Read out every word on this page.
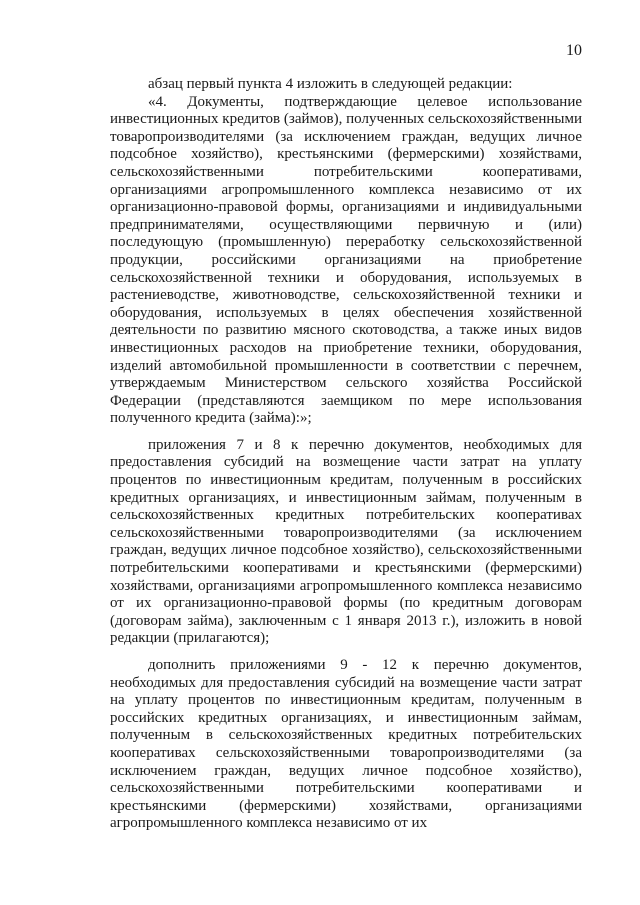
10

абзац первый пункта 4 изложить в следующей редакции:

«4. Документы, подтверждающие целевое использование инвестиционных кредитов (займов), полученных сельскохозяйственными товаропроизводителями (за исключением граждан, ведущих личное подсобное хозяйство), крестьянскими (фермерскими) хозяйствами, сельскохозяйственными потребительскими кооперативами, организациями агропромышленного комплекса независимо от их организационно-правовой формы, организациями и индивидуальными предпринимателями, осуществляющими первичную и (или) последующую (промышленную) переработку сельскохозяйственной продукции, российскими организациями на приобретение сельскохозяйственной техники и оборудования, используемых в растениеводстве, животноводстве, сельскохозяйственной техники и оборудования, используемых в целях обеспечения хозяйственной деятельности по развитию мясного скотоводства, а также иных видов инвестиционных расходов на приобретение техники, оборудования, изделий автомобильной промышленности в соответствии с перечнем, утверждаемым Министерством сельского хозяйства Российской Федерации (представляются заемщиком по мере использования полученного кредита (займа):»;

приложения 7 и 8 к перечню документов, необходимых для предоставления субсидий на возмещение части затрат на уплату процентов по инвестиционным кредитам, полученным в российских кредитных организациях, и инвестиционным займам, полученным в сельскохозяйственных кредитных потребительских кооперативах сельскохозяйственными товаропроизводителями (за исключением граждан, ведущих личное подсобное хозяйство), сельскохозяйственными потребительскими кооперативами и крестьянскими (фермерскими) хозяйствами, организациями агропромышленного комплекса независимо от их организационно-правовой формы (по кредитным договорам (договорам займа), заключенным с 1 января 2013 г.), изложить в новой редакции (прилагаются);

дополнить приложениями 9 - 12 к перечню документов, необходимых для предоставления субсидий на возмещение части затрат на уплату процентов по инвестиционным кредитам, полученным в российских кредитных организациях, и инвестиционным займам, полученным в сельскохозяйственных кредитных потребительских кооперативах сельскохозяйственными товаропроизводителями (за исключением граждан, ведущих личное подсобное хозяйство), сельскохозяйственными потребительскими кооперативами и крестьянскими (фермерскими) хозяйствами, организациями агропромышленного комплекса независимо от их
